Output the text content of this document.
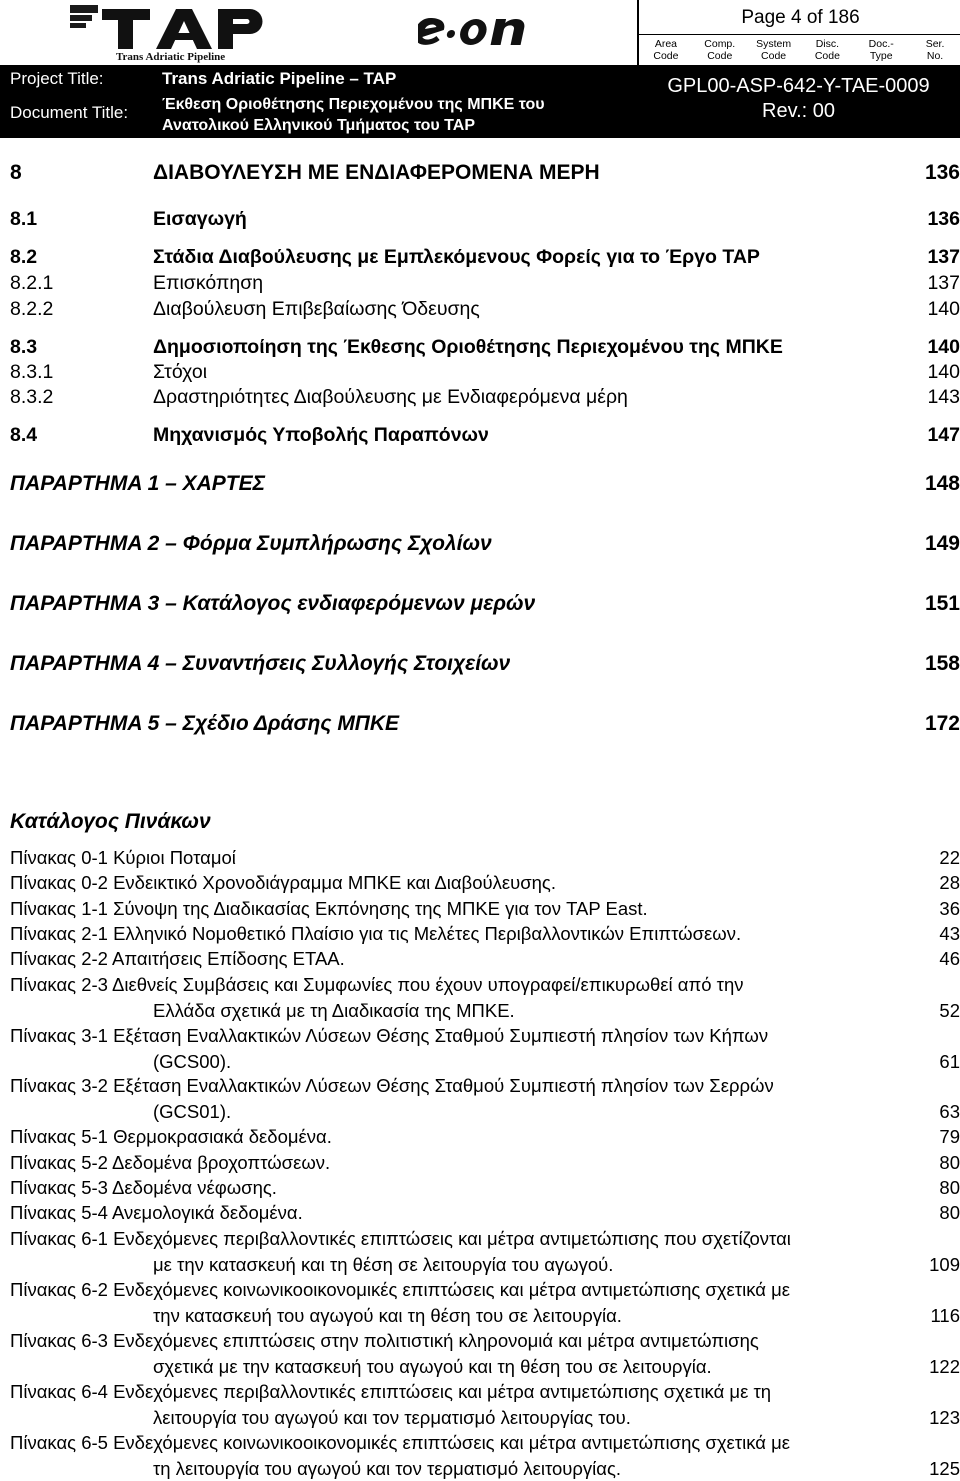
Trans Adriatic Pipeline
Page 4 of 186
Area
Code
Comp.
Code
System
Code
Disc.
Code
Doc.-
Type
Ser.
No.
Project Title:
Document Title:
Trans Adriatic Pipeline – TAP
Έκθεση Οριοθέτησης Περιεχομένου της ΜΠΚΕ του
Ανατολικού Ελληνικού Τμήματος του TAP
GPL00-ASP-642-Y-TAE-0009
Rev.: 00
8	ΔΙΑΒΟΥΛΕΥΣΗ ΜΕ ΕΝΔΙΑΦΕΡΟΜΕΝΑ ΜΕΡΗ	136
8.1	Εισαγωγή	136
8.2	Στάδια Διαβούλευσης με Εμπλεκόμενους Φορείς για το Έργο TAP	137
8.2.1	Επισκόπηση	137
8.2.2	Διαβούλευση Επιβεβαίωσης Όδευσης	140
8.3	Δημοσιοποίηση της Έκθεσης Οριοθέτησης Περιεχομένου της ΜΠΚΕ	140
8.3.1	Στόχοι	140
8.3.2	Δραστηριότητες Διαβούλευσης με Ενδιαφερόμενα μέρη	143
8.4	Μηχανισμός Υποβολής Παραπόνων	147
ΠΑΡΑΡΤΗΜΑ 1 – ΧΑΡΤΕΣ	148
ΠΑΡΑΡΤΗΜΑ 2 – Φόρμα Συμπλήρωσης Σχολίων	149
ΠΑΡΑΡΤΗΜΑ 3 – Κατάλογος ενδιαφερόμενων μερών	151
ΠΑΡΑΡΤΗΜΑ 4 – Συναντήσεις Συλλογής Στοιχείων	158
ΠΑΡΑΡΤΗΜΑ 5 – Σχέδιο Δράσης ΜΠΚΕ	172
Κατάλογος Πινάκων
Πίνακας 0-1 Κύριοι Ποταμοί	22
Πίνακας 0-2 Ενδεικτικό Χρονοδιάγραμμα ΜΠΚΕ και Διαβούλευσης.	28
Πίνακας 1-1 Σύνοψη της Διαδικασίας Εκπόνησης της ΜΠΚΕ για τον TAP East.	36
Πίνακας 2-1 Ελληνικό Νομοθετικό Πλαίσιο για τις Μελέτες Περιβαλλοντικών Επιπτώσεων.	43
Πίνακας 2-2 Απαιτήσεις Επίδοσης ΕΤΑΑ.	46
Πίνακας 2-3 Διεθνείς Συμβάσεις και Συμφωνίες που έχουν υπογραφεί/επικυρωθεί από την
Ελλάδα σχετικά με τη Διαδικασία της ΜΠΚΕ.	52
Πίνακας 3-1 Εξέταση Εναλλακτικών Λύσεων Θέσης Σταθμού Συμπιεστή πλησίον των Κήπων
(GCS00).	61
Πίνακας 3-2 Εξέταση Εναλλακτικών Λύσεων Θέσης Σταθμού Συμπιεστή πλησίον των Σερρών
(GCS01).	63
Πίνακας 5-1 Θερμοκρασιακά δεδομένα.	79
Πίνακας 5-2 Δεδομένα βροχοπτώσεων.	80
Πίνακας 5-3 Δεδομένα νέφωσης.	80
Πίνακας 5-4 Ανεμολογικά δεδομένα.	80
Πίνακας 6-1 Ενδεχόμενες περιβαλλοντικές επιπτώσεις και μέτρα αντιμετώπισης που σχετίζονται
με την κατασκευή και τη θέση σε λειτουργία του αγωγού.	109
Πίνακας 6-2 Ενδεχόμενες κοινωνικοοικονομικές επιπτώσεις και μέτρα αντιμετώπισης σχετικά με
την κατασκευή του αγωγού και τη θέση του σε λειτουργία.	116
Πίνακας 6-3 Ενδεχόμενες επιπτώσεις στην πολιτιστική κληρονομιά και μέτρα αντιμετώπισης
σχετικά με την κατασκευή του αγωγού και τη θέση του σε λειτουργία.	122
Πίνακας 6-4 Ενδεχόμενες περιβαλλοντικές επιπτώσεις και μέτρα αντιμετώπισης σχετικά με τη
λειτουργία του αγωγού και τον τερματισμό λειτουργίας του.	123
Πίνακας 6-5 Ενδεχόμενες κοινωνικοοικονομικές επιπτώσεις και μέτρα αντιμετώπισης σχετικά με
τη λειτουργία του αγωγού και τον τερματισμό λειτουργίας.	125
